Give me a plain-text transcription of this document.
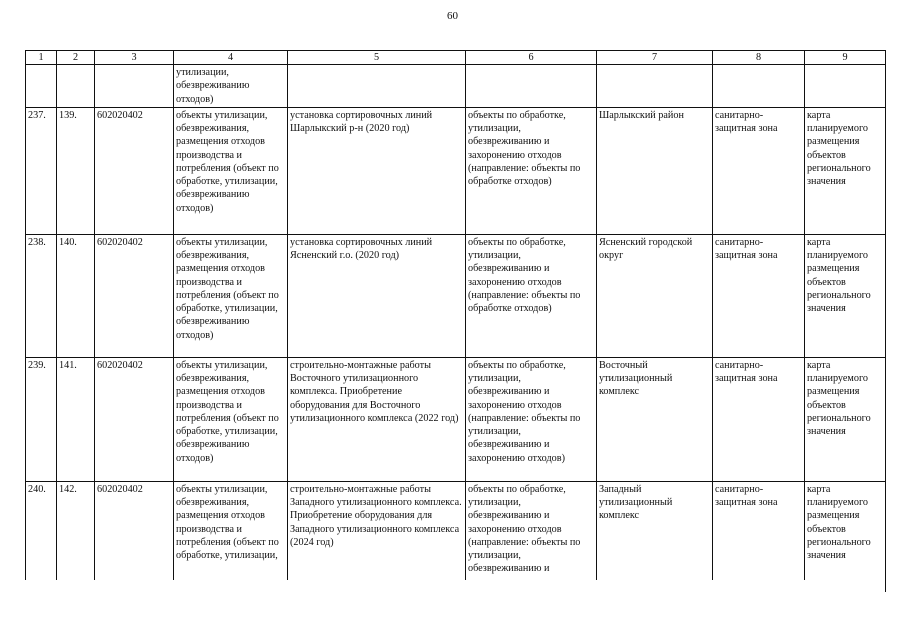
60
1	2	3	4	5	6	7	8	9
			утилизации,
обезвреживанию
отходов)					
237.	139.	602020402	объекты утилизации, обезвреживания, размещения отходов производства и потребления (объект по обработке, утилизации, обезвреживанию отходов)	установка сортировочных линий Шарлыкский р-н (2020 год)	объекты по обработке, утилизации, обезвреживанию и захоронению отходов (направление: объекты по обработке отходов)	Шарлыкский район	санитарно-защитная зона	карта планируемого размещения объектов регионального значения
238.	140.	602020402	объекты утилизации, обезвреживания, размещения отходов производства и потребления (объект по обработке, утилизации, обезвреживанию отходов)	установка сортировочных линий Ясненский г.о. (2020 год)	объекты по обработке, утилизации, обезвреживанию и захоронению отходов (направление: объекты по обработке отходов)	Ясненский городской округ	санитарно-защитная зона	карта планируемого размещения объектов регионального значения
239.	141.	602020402	объекты утилизации, обезвреживания, размещения отходов производства и потребления (объект по обработке, утилизации, обезвреживанию отходов)	строительно-монтажные работы Восточного утилизационного комплекса. Приобретение оборудования для Восточного утилизационного комплекса (2022 год)	объекты по обработке, утилизации, обезвреживанию и захоронению отходов (направление: объекты по утилизации, обезвреживанию и захоронению отходов)	Восточный утилизационный комплекс	санитарно-защитная зона	карта планируемого размещения объектов регионального значения
240.	142.	602020402	объекты утилизации, обезвреживания, размещения отходов производства и потребления (объект по обработке, утилизации,	строительно-монтажные работы Западного утилизационного комплекса. Приобретение оборудования для Западного утилизационного комплекса (2024 год)	объекты по обработке, утилизации, обезвреживанию и захоронению отходов (направление: объекты по утилизации, обезвреживанию и	Западный утилизационный комплекс	санитарно-защитная зона	карта планируемого размещения объектов регионального значения
